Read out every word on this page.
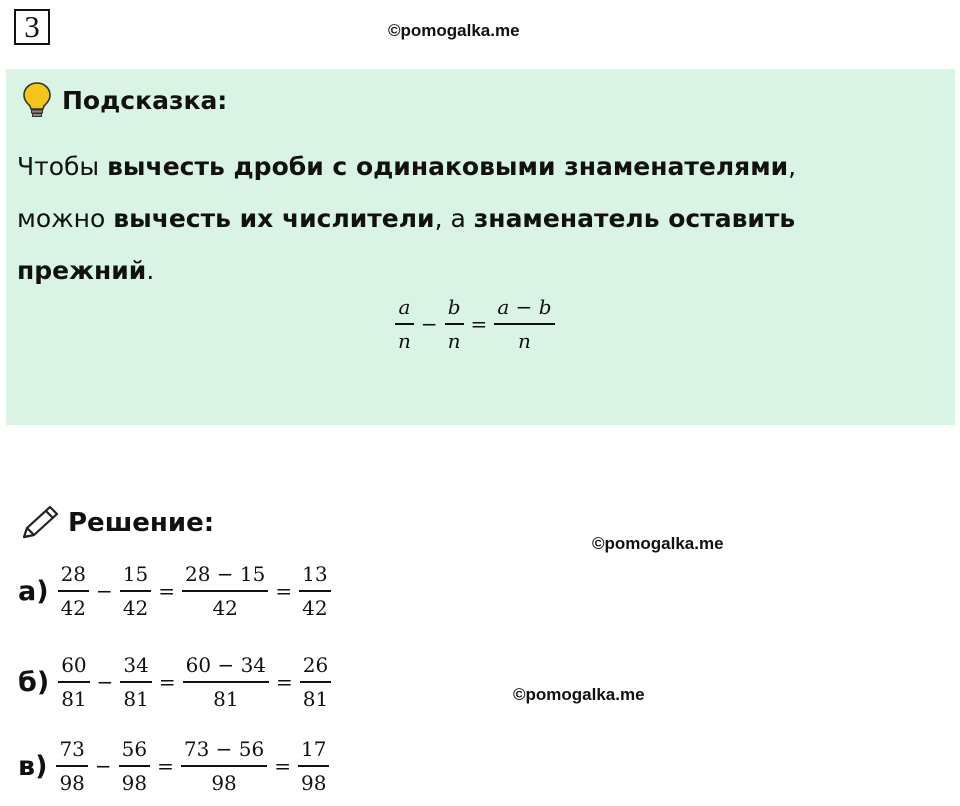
3	©pomogalka.me
Подсказка:
Чтобы вычесть дроби с одинаковыми знаменателями,
можно вычесть их числители, а знаменатель оставить
прежний.
$\frac{a}{n} - \frac{b}{n} = \frac{a - b}{n}$
Решение:
©pomogalka.me
©pomogalka.me
$а) \frac{28}{42} - \frac{15}{42} = \frac{28 - 15}{42} = \frac{13}{42}$
$б) \frac{60}{81} - \frac{34}{81} = \frac{60 - 34}{81} = \frac{26}{81}$
$в) \frac{73}{98} - \frac{56}{98} = \frac{73 - 56}{98} = \frac{17}{98}$
